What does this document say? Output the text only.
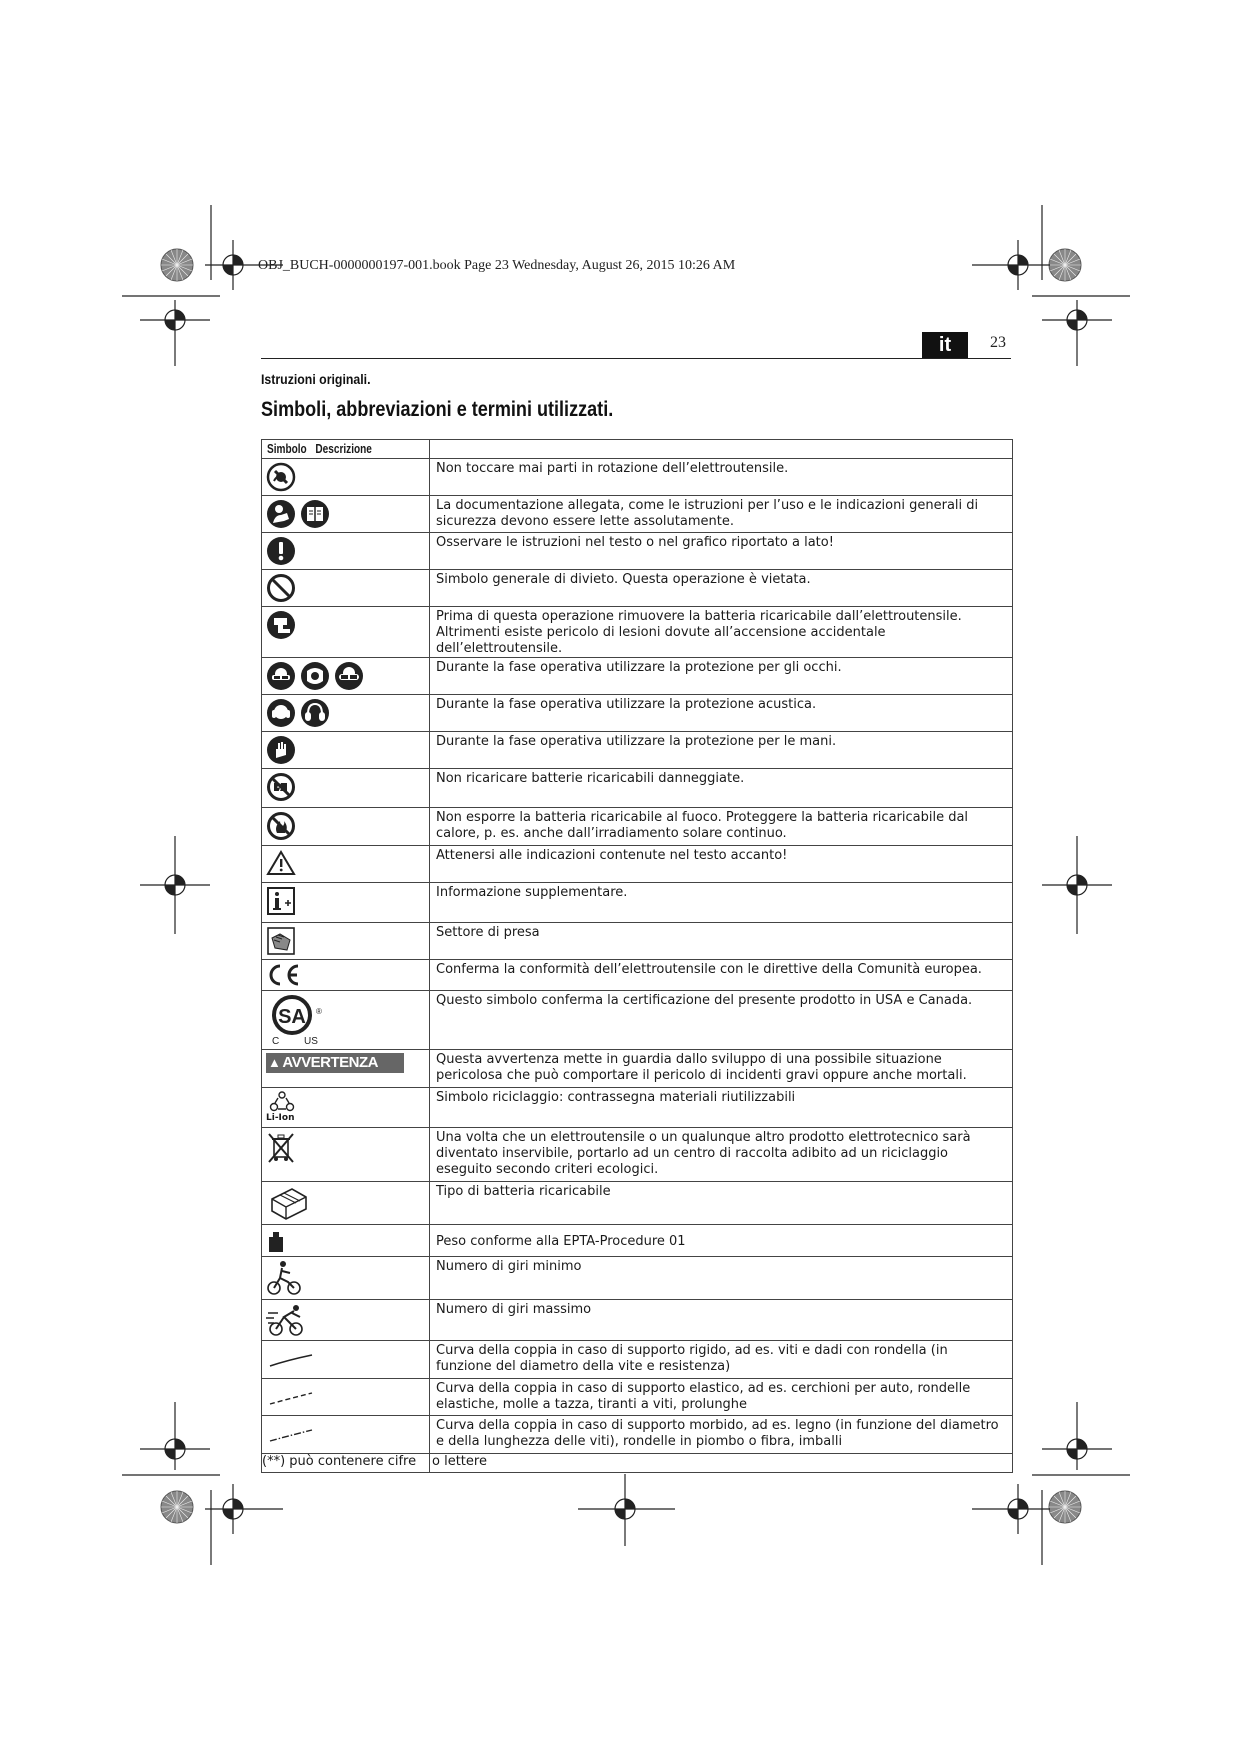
OBJ_BUCH-0000000197-001.book Page 23 Wednesday, August 26, 2015 10:26 AM
it	23
Istruzioni originali.
Simboli, abbreviazioni e termini utilizzati.
Simbolo Descrizione	

	Non toccare mai parti in rotazione dell’elettroutensile.

	La documentazione allegata, come le istruzioni per l’uso e le indicazioni generali di sicurezza devono essere lette assolutamente.

	Osservare le istruzioni nel testo o nel grafico riportato a lato!

	Simbolo generale di divieto. Questa operazione è vietata.

	Prima di questa operazione rimuovere la batteria ricaricabile dall’elettroutensile. Altrimenti esiste pericolo di lesioni dovute all’accensione accidentale dell’elettroutensile.

	Durante la fase operativa utilizzare la protezione per gli occhi.

	Durante la fase operativa utilizzare la protezione acustica.

	Durante la fase operativa utilizzare la protezione per le mani.

	Non ricaricare batterie ricaricabili danneggiate.

	Non esporre la batteria ricaricabile al fuoco. Proteggere la batteria ricaricabile dal calore, p. es. anche dall’irradiamento solare continuo.

	Attenersi alle indicazioni contenute nel testo accanto!

	Informazione supplementare.

	Settore di presa

	Conferma la conformità dell’elettroutensile con le direttive della Comunità europea.

SA
C US
®	Questo simbolo conferma la certificazione del presente prodotto in USA e Canada.

▲ AVVERTENZA	Questa avvertenza mette in guardia dallo sviluppo di una possibile situazione pericolosa che può comportare il pericolo di incidenti gravi oppure anche mortali.

Li-Ion	Simbolo riciclaggio: contrassegna materiali riutilizzabili

	Una volta che un elettroutensile o un qualunque altro prodotto elettrotecnico sarà diventato inservibile, portarlo ad un centro di raccolta adibito ad un riciclaggio eseguito secondo criteri ecologici.

	Tipo di batteria ricaricabile

	Peso conforme alla EPTA-Procedure 01

	Numero di giri minimo

	Numero di giri massimo

	Curva della coppia in caso di supporto rigido, ad es. viti e dadi con rondella (in funzione del diametro della vite e resistenza)

	Curva della coppia in caso di supporto elastico, ad es. cerchioni per auto, rondelle elastiche, molle a tazza, tiranti a viti, prolunghe

	Curva della coppia in caso di supporto morbido, ad es. legno (in funzione del diametro e della lunghezza delle viti), rondelle in piombo o fibra, imballi
(**) può contenere cifre	o lettere
